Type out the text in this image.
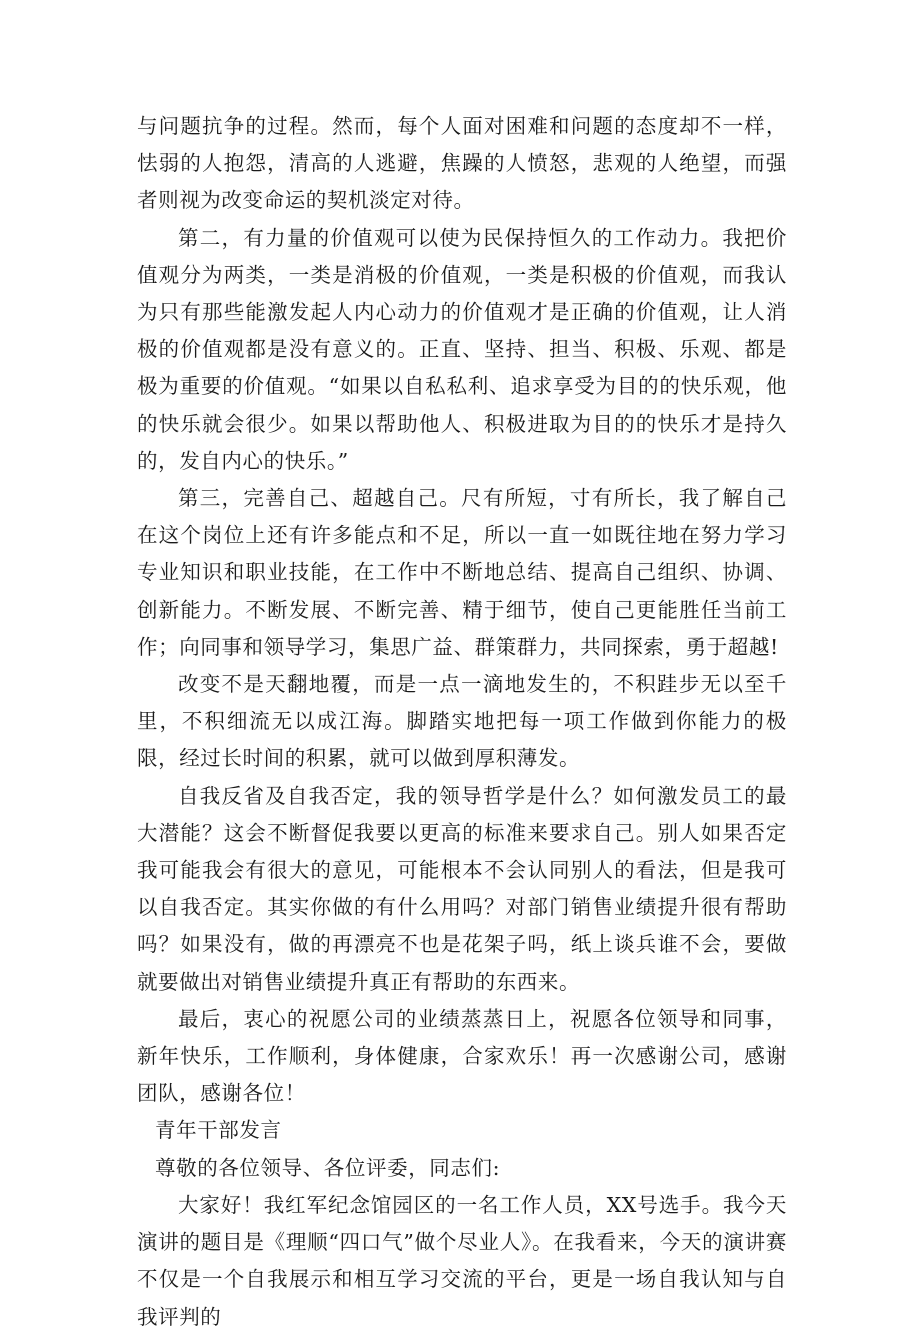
与问题抗争的过程。然而，每个人面对困难和问题的态度却不一样，怯弱的人抱怨，清高的人逃避，焦躁的人愤怒，悲观的人绝望，而强者则视为改变命运的契机淡定对待。

第二，有力量的价值观可以使为民保持恒久的工作动力。我把价值观分为两类，一类是消极的价值观，一类是积极的价值观，而我认为只有那些能激发起人内心动力的价值观才是正确的价值观，让人消极的价值观都是没有意义的。正直、坚持、担当、积极、乐观、都是极为重要的价值观。“如果以自私私利、追求享受为目的的快乐观，他的快乐就会很少。如果以帮助他人、积极进取为目的的快乐才是持久的，发自内心的快乐。”

第三，完善自己、超越自己。尺有所短，寸有所长，我了解自己在这个岗位上还有许多能点和不足，所以一直一如既往地在努力学习专业知识和职业技能，在工作中不断地总结、提高自己组织、协调、创新能力。不断发展、不断完善、精于细节，使自己更能胜任当前工作；向同事和领导学习，集思广益、群策群力，共同探索，勇于超越!

改变不是天翻地覆，而是一点一滴地发生的，不积跬步无以至千里，不积细流无以成江海。脚踏实地把每一项工作做到你能力的极限，经过长时间的积累，就可以做到厚积薄发。

自我反省及自我否定，我的领导哲学是什么？如何激发员工的最大潜能？这会不断督促我要以更高的标准来要求自己。别人如果否定我可能我会有很大的意见，可能根本不会认同别人的看法，但是我可以自我否定。其实你做的有什么用吗？对部门销售业绩提升很有帮助吗？如果没有，做的再漂亮不也是花架子吗，纸上谈兵谁不会，要做就要做出对销售业绩提升真正有帮助的东西来。

最后，衷心的祝愿公司的业绩蒸蒸日上，祝愿各位领导和同事，新年快乐，工作顺利，身体健康，合家欢乐！再一次感谢公司，感谢团队，感谢各位！

青年干部发言

尊敬的各位领导、各位评委，同志们:

大家好！我红军纪念馆园区的一名工作人员，XX号选手。我今天演讲的题目是《理顺“四口气”做个尽业人》。在我看来，今天的演讲赛不仅是一个自我展示和相互学习交流的平台，更是一场自我认知与自我评判的
